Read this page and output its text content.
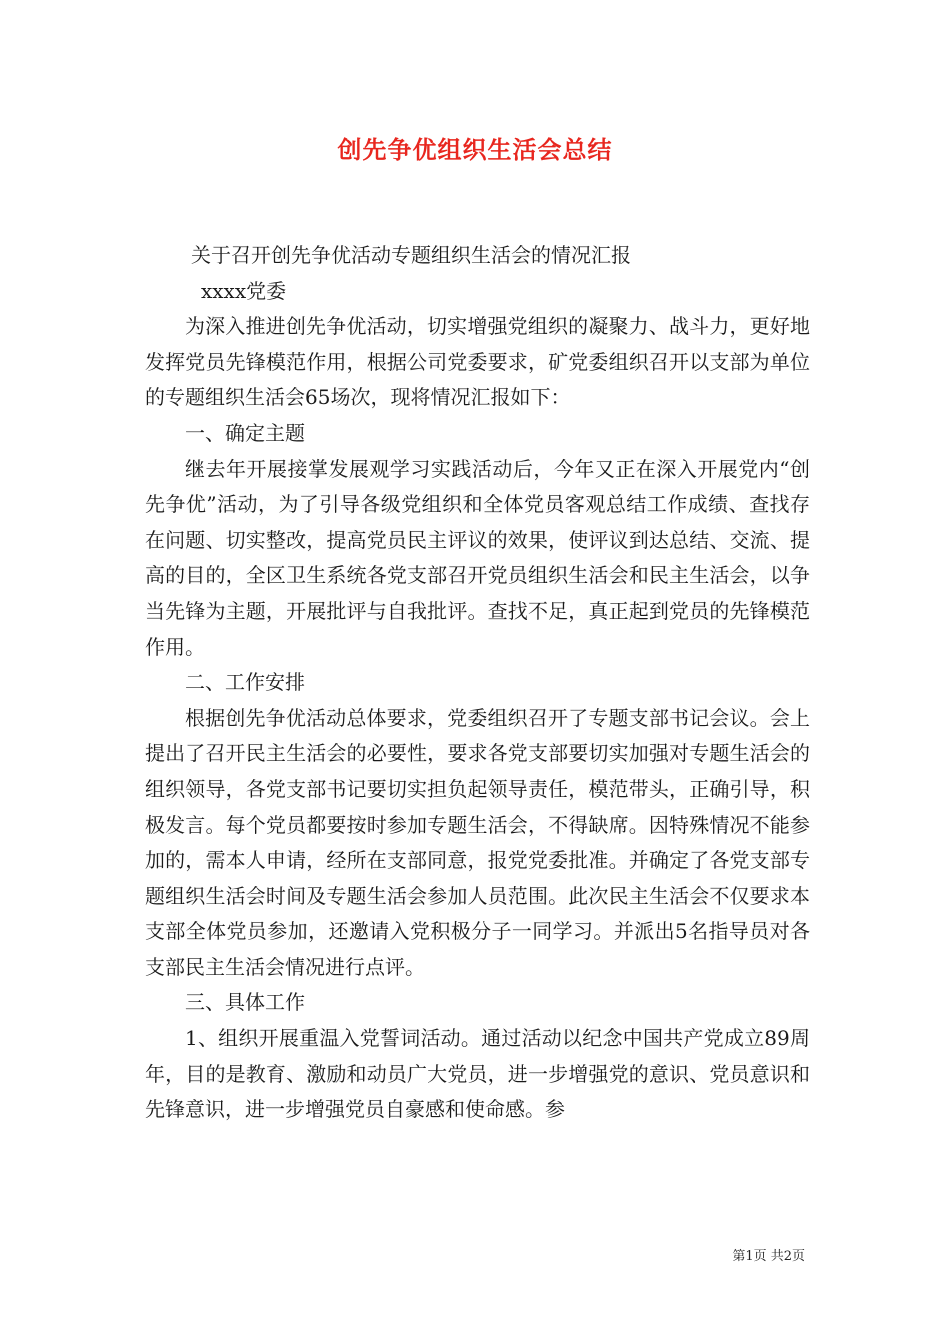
创先争优组织生活会总结

关于召开创先争优活动专题组织生活会的情况汇报

xxxx党委

为深入推进创先争优活动，切实增强党组织的凝聚力、战斗力，更好地发挥党员先锋模范作用，根据公司党委要求，矿党委组织召开以支部为单位的专题组织生活会65场次，现将情况汇报如下：

一、确定主题

继去年开展接掌发展观学习实践活动后，今年又正在深入开展党内“创先争优”活动，为了引导各级党组织和全体党员客观总结工作成绩、查找存在问题、切实整改，提高党员民主评议的效果，使评议到达总结、交流、提高的目的，全区卫生系统各党支部召开党员组织生活会和民主生活会，以争当先锋为主题，开展批评与自我批评。查找不足，真正起到党员的先锋模范作用。

二、工作安排

根据创先争优活动总体要求，党委组织召开了专题支部书记会议。会上提出了召开民主生活会的必要性，要求各党支部要切实加强对专题生活会的组织领导，各党支部书记要切实担负起领导责任，模范带头，正确引导，积极发言。每个党员都要按时参加专题生活会，不得缺席。因特殊情况不能参加的，需本人申请，经所在支部同意，报党党委批准。并确定了各党支部专题组织生活会时间及专题生活会参加人员范围。此次民主生活会不仅要求本支部全体党员参加，还邀请入党积极分子一同学习。并派出5名指导员对各支部民主生活会情况进行点评。

三、具体工作

1、组织开展重温入党誓词活动。通过活动以纪念中国共产党成立89周年，目的是教育、激励和动员广大党员，进一步增强党的意识、党员意识和先锋意识，进一步增强党员自豪感和使命感。参

第1页 共2页
